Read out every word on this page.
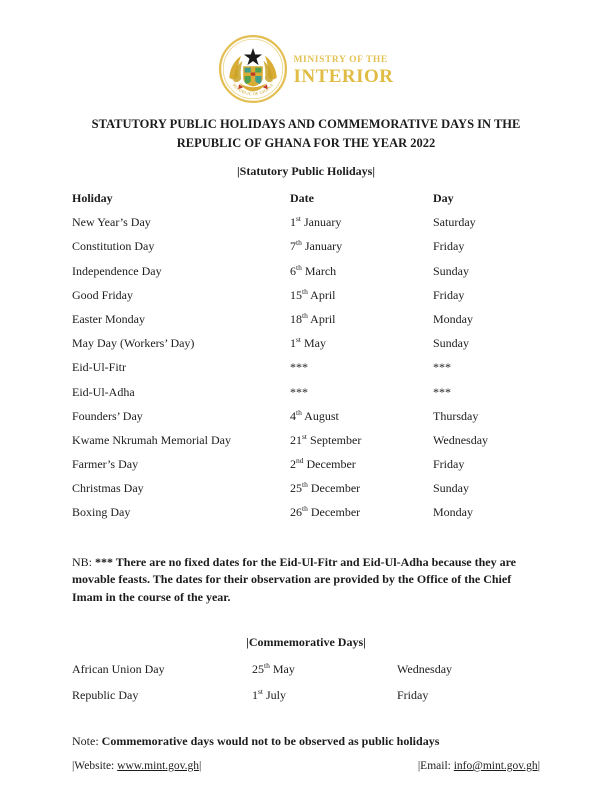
REPUBLIC OF GHANA
MINISTRY OF THE
INTERIOR
STATUTORY PUBLIC HOLIDAYS AND COMMEMORATIVE DAYS IN THE
REPUBLIC OF GHANA FOR THE YEAR 2022
|Statutory Public Holidays|
Holiday	Date	Day
New Year’s Day	1st January	Saturday
Constitution Day	7th January	Friday
Independence Day	6th March	Sunday
Good Friday	15th April	Friday
Easter Monday	18th April	Monday
May Day (Workers’ Day)	1st May	Sunday
Eid-Ul-Fitr	***	***
Eid-Ul-Adha	***	***
Founders’ Day	4th August	Thursday
Kwame Nkrumah Memorial Day	21st September	Wednesday
Farmer’s Day	2nd December	Friday
Christmas Day	25th December	Sunday
Boxing Day	26th December	Monday
NB: *** There are no fixed dates for the Eid-Ul-Fitr and Eid-Ul-Adha because they are movable feasts. The dates for their observation are provided by the Office of the Chief Imam in the course of the year.
|Commemorative Days|
African Union Day	25th May	Wednesday
Republic Day	1st July	Friday
Note: Commemorative days would not to be observed as public holidays
|Website: www.mint.gov.gh|	|Email: info@mint.gov.gh|
